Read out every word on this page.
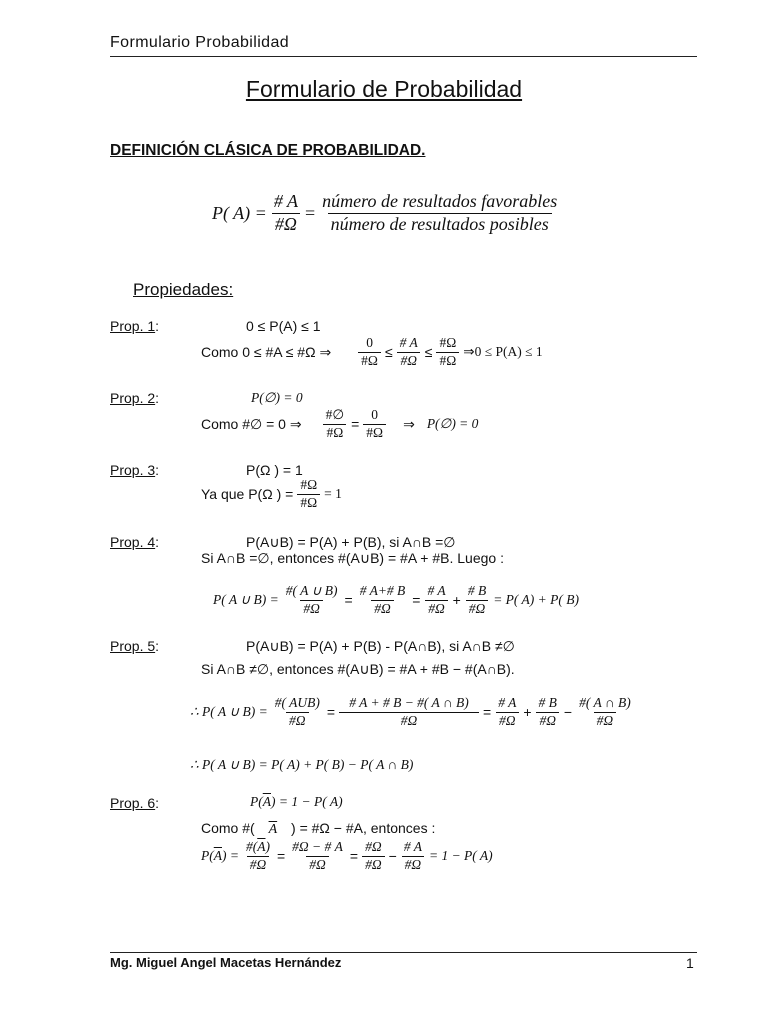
Formulario Probabilidad
Formulario de Probabilidad
DEFINICIÓN CLÁSICA DE PROBABILIDAD.
P( $A) = \frac{\# A}{\#\Omega} = \frac{\text{número de resultados favorables}}{\text{número de resultados posibles}}$
Propiedades:
Prop. 1:	0 ≤ P(A) ≤ 1
Como 0 ≤ #A ≤ #Ω ⇒ $\frac{0}{\#\Omega} \le \frac{\# A}{\#\Omega} \le \frac{\#\Omega}{\#\Omega}$ ⇒0 ≤ P(A) ≤ 1
Prop. 2:	P(∅) = 0
Como #∅ = 0 ⇒ $\frac{\#\emptyset}{\#\Omega} = \frac{0}{\#\Omega}$ ⇒ P(∅) = 0
Prop. 3:	P(Ω ) = 1
Ya que P(Ω ) = $\frac{\#\Omega}{\#\Omega} = 1$
Prop. 4:	P(A∪B) = P(A) + P(B), si A∩B =∅
Si A∩B =∅, entonces #(A∪B) = #A + #B. Luego :
P( A ∪ $B) = \frac{\#( A \cup B)}{\#\Omega} = \frac{\# A+\# B}{\#\Omega} = \frac{\# A}{\#\Omega} + \frac{\# B}{\#\Omega} = P$( A) + P( B)
Prop. 5:	P(A∪B) = P(A) + P(B) - P(A∩B), si A∩B ≠∅
Si A∩B ≠∅, entonces #(A∪B) = #A + #B − #(A∩B).
∴ P( A ∪ $B) = \frac{\text{\#( AUB)}}{\#\Omega} = \frac{\# A + \# B - \#( A \cap B)}{\#\Omega} = \frac{\# A}{\#\Omega} + \frac{\# B}{\#\Omega} - \frac{\#( A \cap B)}{\#\Omega}$
∴ P( A ∪ B) = P( A) + P( B) − P( A ∩ B)
Prop. 6:	$P(\overline{A}) = 1 - P$( A)
Como #( $\overline{A}$ ) = #Ω − #A, entonces :
$P(\overline{A}) = \frac{\#(\overline{A})}{\#\Omega} = \frac{\#\Omega - \# A}{\#\Omega} = \frac{\#\Omega}{\#\Omega} - \frac{\# A}{\#\Omega} = 1 - P$( A)
Mg. Miguel Angel Macetas Hernández	1
